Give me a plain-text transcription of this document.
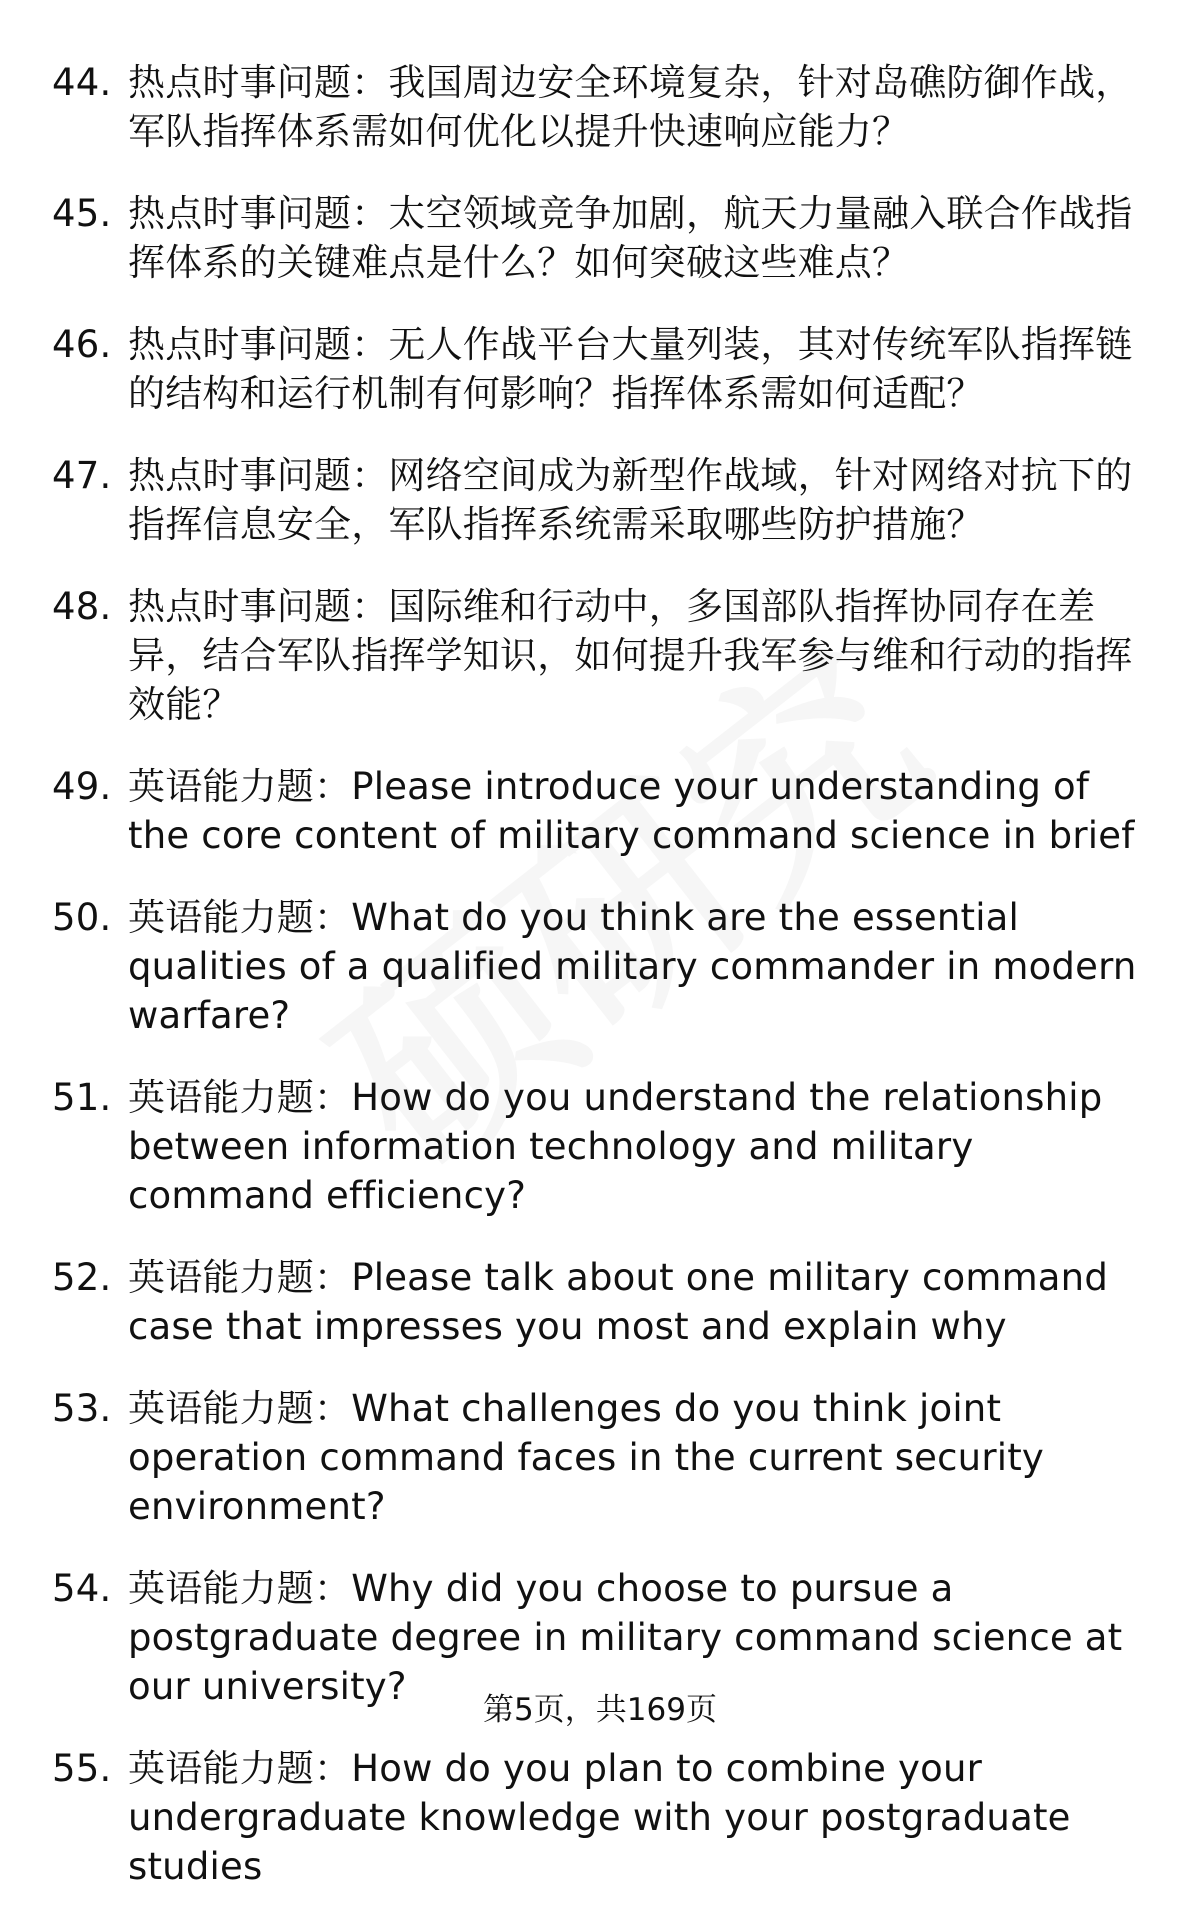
44. 热点时事问题：我国周边安全环境复杂，针对岛礁防御作战，军队指挥体系需如何优化以提升快速响应能力？
45. 热点时事问题：太空领域竞争加剧，航天力量融入联合作战指挥体系的关键难点是什么？如何突破这些难点？
46. 热点时事问题：无人作战平台大量列装，其对传统军队指挥链的结构和运行机制有何影响？指挥体系需如何适配？
47. 热点时事问题：网络空间成为新型作战域，针对网络对抗下的指挥信息安全，军队指挥系统需采取哪些防护措施？
48. 热点时事问题：国际维和行动中，多国部队指挥协同存在差异，结合军队指挥学知识，如何提升我军参与维和行动的指挥效能？
49. 英语能力题：Please introduce your understanding of the core content of military command science in brief
50. 英语能力题：What do you think are the essential qualities of a qualified military commander in modern warfare?
51. 英语能力题：How do you understand the relationship between information technology and military command efficiency?
52. 英语能力题：Please talk about one military command case that impresses you most and explain why
53. 英语能力题：What challenges do you think joint operation command faces in the current security environment?
54. 英语能力题：Why did you choose to pursue a postgraduate degree in military command science at our university?
55. 英语能力题：How do you plan to combine your undergraduate knowledge with your postgraduate studies
第5页，共169页
